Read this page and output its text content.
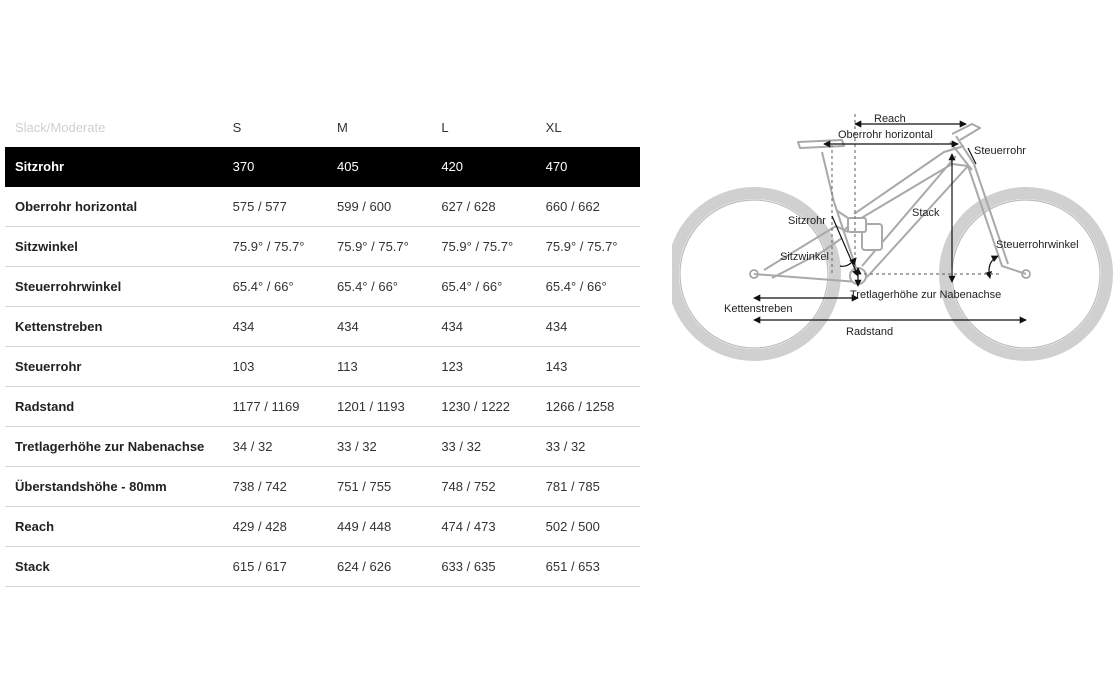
Slack/Moderate	S	M	L	XL
Sitzrohr	370	405	420	470
Oberrohr horizontal	575 / 577	599 / 600	627 / 628	660 / 662
Sitzwinkel	75.9° / 75.7°	75.9° / 75.7°	75.9° / 75.7°	75.9° / 75.7°
Steuerrohrwinkel	65.4° / 66°	65.4° / 66°	65.4° / 66°	65.4° / 66°
Kettenstreben	434	434	434	434
Steuerrohr	103	113	123	143
Radstand	1177 / 1169	1201 / 1193	1230 / 1222	1266 / 1258
Tretlagerhöhe zur Nabenachse	34 / 32	33 / 32	33 / 32	33 / 32
Überstandshöhe - 80mm	738 / 742	751 / 755	748 / 752	781 / 785
Reach	429 / 428	449 / 448	474 / 473	502 / 500
Stack	615 / 617	624 / 626	633 / 635	651 / 653
Reach
Oberrohr horizontal
Steuerrohr
Stack
Sitzrohr
Steuerrohrwinkel
Sitzwinkel
Tretlagerhöhe zur Nabenachse
Kettenstreben
Radstand
